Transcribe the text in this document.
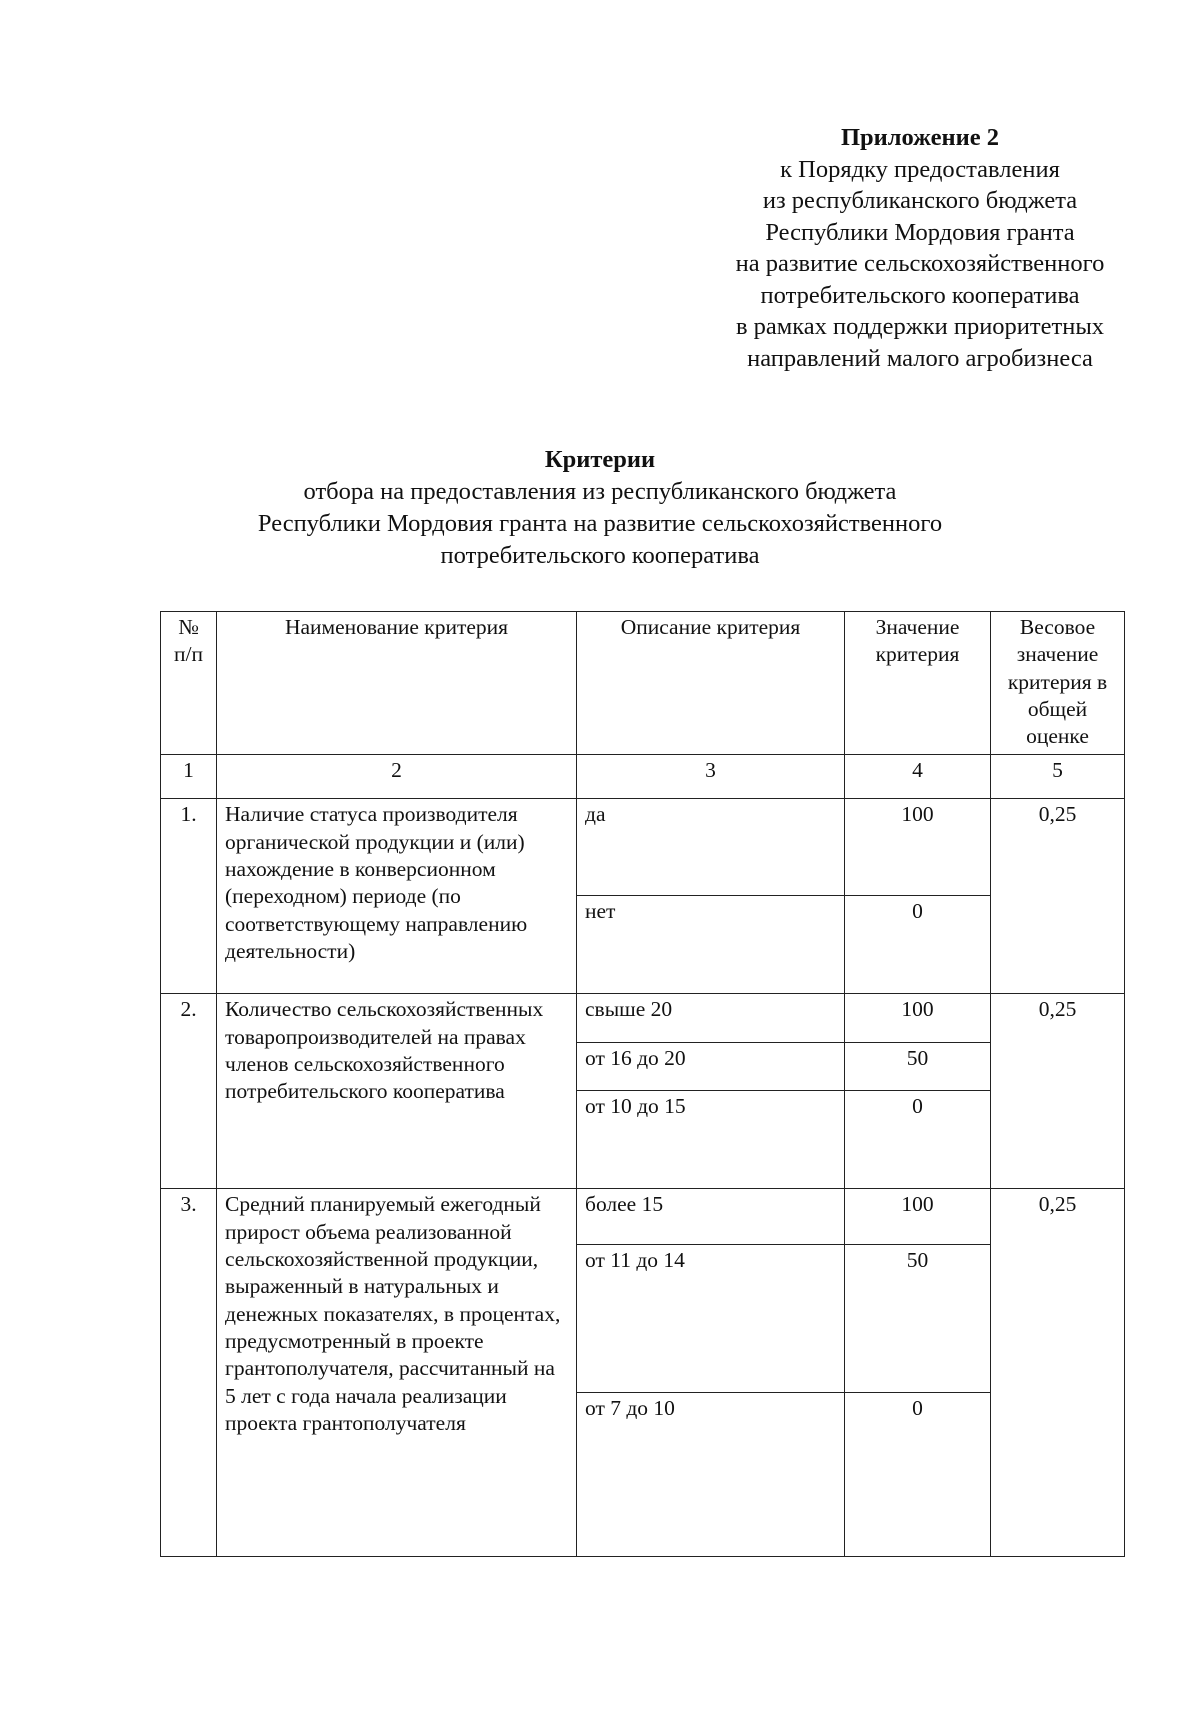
Приложение 2
к Порядку предоставления
из республиканского бюджета
Республики Мордовия гранта
на развитие сельскохозяйственного
потребительского кооператива
в рамках поддержки приоритетных
направлений малого агробизнеса
Критерии
отбора на предоставления из республиканского бюджета
Республики Мордовия гранта на развитие сельскохозяйственного
потребительского кооператива
№ п/п	Наименование критерия	Описание критерия	Значение критерия	Весовое значение критерия в общей оценке
1	2	3	4	5
1.	Наличие статуса производителя органической продукции и (или) нахождение в конверсионном (переходном) периоде (по соответствующему направлению деятельности)	да	100	0,25
		нет	0	
2.	Количество сельскохозяйственных товаропроизводителей на правах членов сельскохозяйственного потребительского кооператива	свыше 20	100	0,25
		от 16 до 20	50	
		от 10 до 15	0	
3.	Средний планируемый ежегодный прирост объема реализованной сельскохозяйственной продукции, выраженный в натуральных и денежных показателях, в процентах, предусмотренный в проекте грантополучателя, рассчитанный на 5 лет с года начала реализации проекта грантополучателя	более 15	100	0,25
		от 11 до 14	50	
		от 7 до 10	0	
